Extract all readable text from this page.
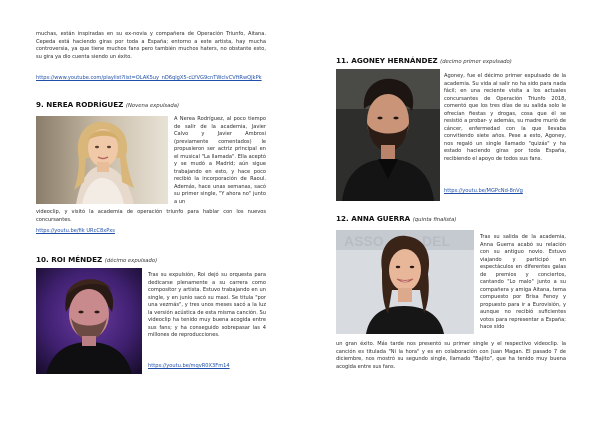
muchas, están inspiradas en su ex-novia y compañera de Operación Triunfo, Aitana. Cepeda está haciendo giras por toda a España; entorno a este artista, hay mucha controversia, ya que tiene muchos fans pero también muchos haters, no obstante esto, su gira ya dio cuenta siendo un éxito.

https://www.youtube.com/playlist?list=OLAK5uy_nD6qlgX5-cLYVG9cnTWcIvCVftRwQJkPk

9. NEREA RODRÍGUEZ (Novena expulsada)

A Nerea Rodríguez, al poco tiempo de salir de la academia, Javier Calvo y Javier Ambrosi (previamente comentados) le propusieron ser actriz principal en el musical "La llamada". Ella aceptó y se mudó a Madrid; aún sigue trabajando en esto, y hace poco recibió la incorporación de Raoul. Además, hace unas semanas, sacó su primer single, "Y ahora no" junto a un

videoclip, y visitó la academia de operación triunfo para hablar con los nuevos concursantes.

https://youtu.be/fik URcC8xPxs

10. ROI MÉNDEZ (décimo expulsado)

Tras su expulsión, Roi dejó su orquesta para dedicarse plenamente a su carrera como compositor y artista. Estuvo trabajando en un single, y en junio sacó su maxi. Se titula "por una vezmás", y tres unos meses sacó a la luz la versión acústica de esta misma canción. Su videoclip ha tenido muy buena acogida entre sus fans; y ha conseguido sobrepasar las 4 millones de reproducciones.

https://youtu.be/mqvR0X3Fm14

11. AGONEY HERNÁNDEZ (decimo primer expulsado)

Agoney, fue el décimo primer expulsado de la academia. Su vida al salir no ha sido para nada fácil; en una reciente visita a los actuales concursantes de Operación Triunfo 2018, comentó que los tres días de su salida solo le ofrecían fiestas y drogas, cosa que él se resistió a probar- y además, su madre murió de cáncer, enfermedad con la que llevaba convitiendo siete años. Pese a esto, Agoney, nos regaló un single llamado "quizás" y ha estado haciendo giras por toda España, recibiendo el apoyo de todos sus fans.

https://youtu.be/MGPcNd-8nVg

12. ANNA GUERRA (quinta finalista)
ASSO	DEL	Tras su salida de la academia, Anna Guerra acabó su relación con su antiguo novio. Estuvo viajando y participó en espectáculos en diferentes galas de premios y conciertos, cantando "Lo malo" junto a su compañera y amiga Aitana, tema compuesto por Brisa Fenoy y propuesto para ir a Eurovisión, y aunque no recibió suficientes votos para representar a España; hace sido

un gran éxito. Más tarde nos presentó su primer single y el respectivo videoclip. la canción es titulada "Ni la hora" y es en colaboración con Juan Magan. El pasado 7 de diciembre, nos mostró su segundo single, llamado "Bajito", que ha tenido muy buena acogida entre sus fans.
